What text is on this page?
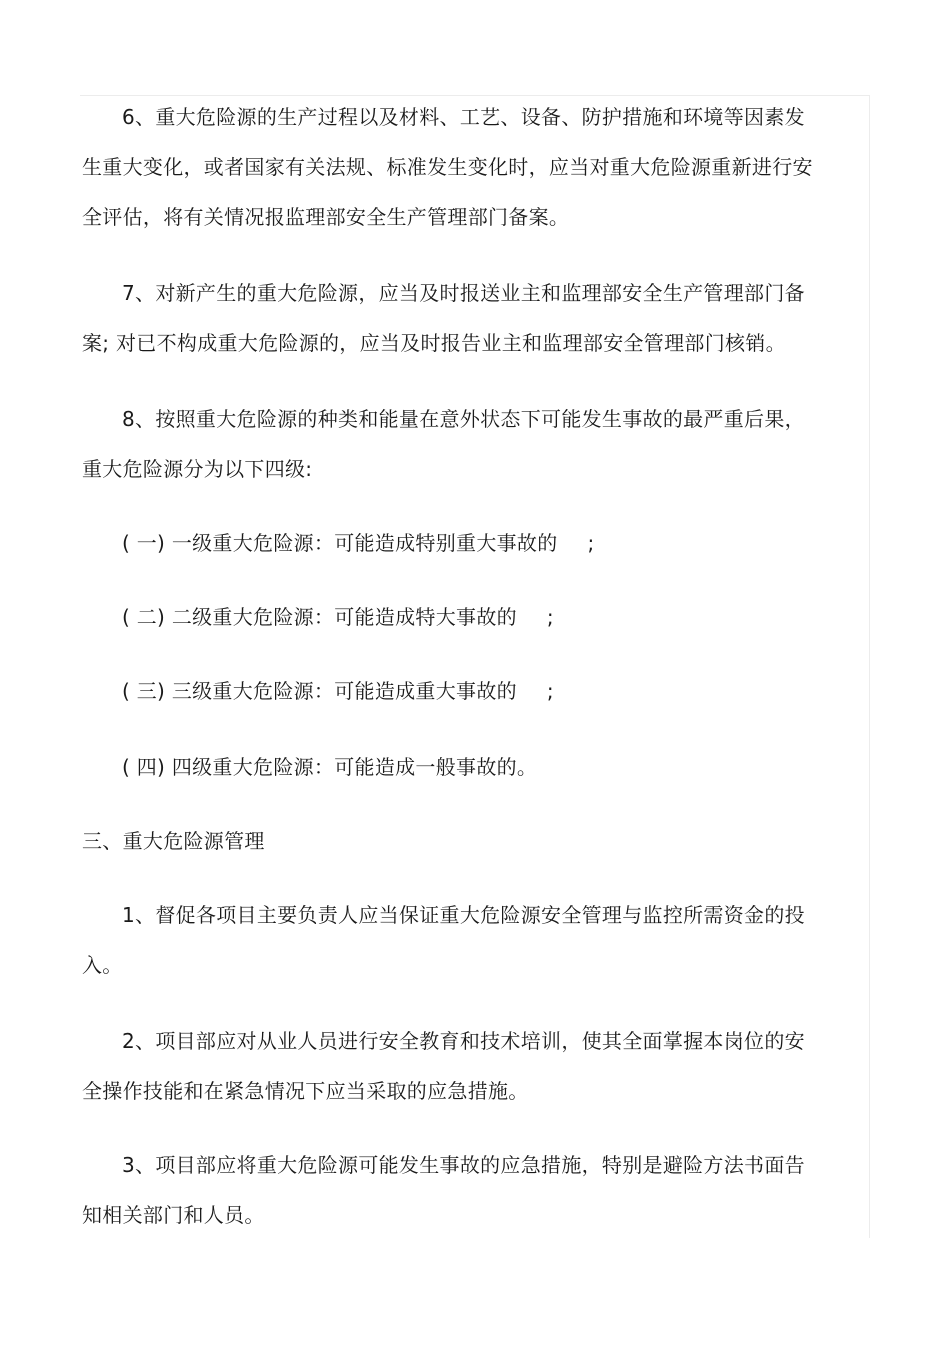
6、重大危险源的生产过程以及材料、工艺、设备、防护措施和环境等因素发生重大变化，或者国家有关法规、标准发生变化时，应当对重大危险源重新进行安全评估，将有关情况报监理部安全生产管理部门备案。

7、对新产生的重大危险源，应当及时报送业主和监理部安全生产管理部门备案; 对已不构成重大危险源的，应当及时报告业主和监理部安全管理部门核销。

8、按照重大危险源的种类和能量在意外状态下可能发生事故的最严重后果，重大危险源分为以下四级:

( 一) 一级重大危险源：可能造成特别重大事故的 ;

( 二) 二级重大危险源：可能造成特大事故的 ;

( 三) 三级重大危险源：可能造成重大事故的 ;

( 四) 四级重大危险源：可能造成一般事故的。

三、重大危险源管理

1、督促各项目主要负责人应当保证重大危险源安全管理与监控所需资金的投入。

2、项目部应对从业人员进行安全教育和技术培训，使其全面掌握本岗位的安全操作技能和在紧急情况下应当采取的应急措施。

3、项目部应将重大危险源可能发生事故的应急措施，特别是避险方法书面告知相关部门和人员。
